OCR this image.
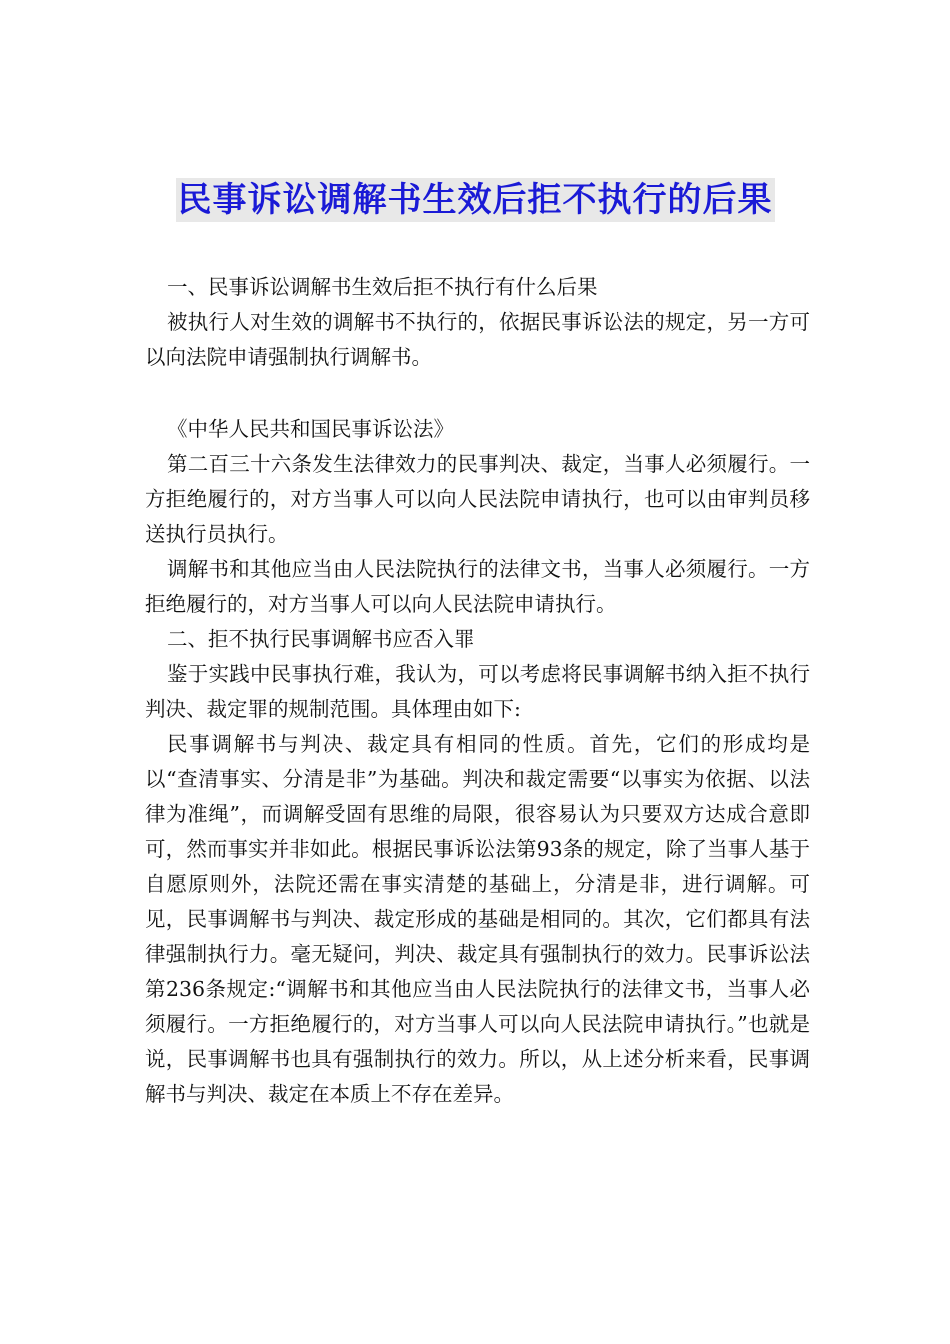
民事诉讼调解书生效后拒不执行的后果

一、民事诉讼调解书生效后拒不执行有什么后果

被执行人对生效的调解书不执行的，依据民事诉讼法的规定，另一方可以向法院申请强制执行调解书。

《中华人民共和国民事诉讼法》

第二百三十六条发生法律效力的民事判决、裁定，当事人必须履行。一方拒绝履行的，对方当事人可以向人民法院申请执行，也可以由审判员移送执行员执行。

调解书和其他应当由人民法院执行的法律文书，当事人必须履行。一方拒绝履行的，对方当事人可以向人民法院申请执行。

二、拒不执行民事调解书应否入罪

鉴于实践中民事执行难，我认为，可以考虑将民事调解书纳入拒不执行判决、裁定罪的规制范围。具体理由如下:

民事调解书与判决、裁定具有相同的性质。首先，它们的形成均是以“查清事实、分清是非”为基础。判决和裁定需要“以事实为依据、以法律为准绳”，而调解受固有思维的局限，很容易认为只要双方达成合意即可，然而事实并非如此。根据民事诉讼法第93条的规定，除了当事人基于自愿原则外，法院还需在事实清楚的基础上，分清是非，进行调解。可见，民事调解书与判决、裁定形成的基础是相同的。其次，它们都具有法律强制执行力。毫无疑问，判决、裁定具有强制执行的效力。民事诉讼法第236条规定:“调解书和其他应当由人民法院执行的法律文书，当事人必须履行。一方拒绝履行的，对方当事人可以向人民法院申请执行。”也就是说，民事调解书也具有强制执行的效力。所以，从上述分析来看，民事调解书与判决、裁定在本质上不存在差异。
